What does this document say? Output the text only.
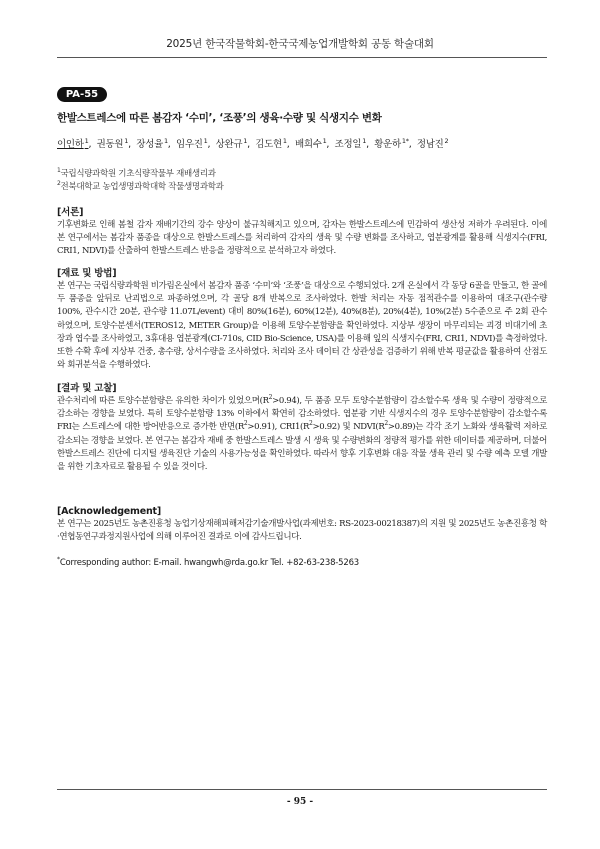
2025년 한국작물학회-한국국제농업개발학회 공동 학술대회
PA-55
한발스트레스에 따른 봄감자 ‘수미’, ‘조풍’의 생육·수량 및 식생지수 변화
이인하$^1$,  권동원$^1$,  장성율$^1$,  임우진$^1$,  상완규$^1$,  김도현$^1$,  배희수$^1$,  조정일$^1$,  황운하$^{1*}$,  정남진$^2$
$^1$국립식량과학원 기초식량작물부 재배생리과
$^2$전북대학교 농업생명과학대학 작물생명과학과
[서론]
기후변화로 인해 봄철 감자 재배기간의 강수 양상이 불규칙해지고 있으며, 감자는 한발스트레스에 민감하여 생산성 저하가 우려된다. 이에 본 연구에서는 봄감자 품종을 대상으로 한발스트레스를 처리하여 감자의 생육 및 수량 변화를 조사하고, 엽분광계를 활용해 식생지수(FRI, CRI1, NDVI)를 산출하여 한발스트레스 반응을 정량적으로 분석하고자 하였다.
[재료 및 방법]
본 연구는 국립식량과학원 비가림온실에서 봄감자 품종 ‘수미’와 ‘조풍’을 대상으로 수행되었다. 2개 온실에서 각 동당 6골을 만들고, 한 골에 두 품종을 앞뒤로 난괴법으로 파종하였으며, 각 골당 8개 반복으로 조사하였다. 한발 처리는 자동 점적관수를 이용하여 대조구(관수량 100%, 관수시간 20분, 관수량 11.07L/event) 대비 80%(16분), 60%(12분), 40%(8분), 20%(4분), 10%(2분) 5수준으로 주 2회 관수 하였으며, 토양수분센서(TEROS12, METER Group)을 이용해 토양수분함량을 확인하였다. 지상부 생장이 마무리되는 괴경 비대기에 초장과 엽수를 조사하였고, 3휴대용 엽분광계(CI-710s, CID Bio-Science, USA)를 이용해 잎의 식생지수(FRI, CRI1, NDVI)를 측정하였다. 또한 수확 후에 지상부 건중, 총수량, 상서수량을 조사하였다. 처리와 조사 데이터 간 상관성을 검증하기 위해 반복 평균값을 활용하여 산점도와 회귀분석을 수행하였다.
[결과 및 고찰]
관수처리에 따른 토양수분함량은 유의한 차이가 있었으며$(R^2>0.94)$, 두 품종 모두 토양수분함량이 감소할수록 생육 및 수량이 정량적으로 감소하는 경향을 보였다. 특히 토양수분함량 13% 이하에서 확연히 감소하였다. 엽분광 기반 식생지수의 경우 토양수분함량이 감소할수록 FRI는 스트레스에 대한 방어반응으로 증가한 반면$(R^2>0.91)$, $CRI1(R^2>0.92)$ 및 $NDVI(R^2>0.89)$는 각각 조기 노화와 생육활력 저하로 감소되는 경향을 보였다. 본 연구는 봄감자 재배 중 한발스트레스 발생 시 생육 및 수량변화의 정량적 평가를 위한 데이터를 제공하며, 더불어 한발스트레스 진단에 디지털 생육진단 기술의 사용가능성을 확인하였다. 따라서 향후 기후변화 대응 작물 생육 관리 및 수량 예측 모델 개발을 위한 기초자료로 활용될 수 있을 것이다.
[Acknowledgement]
본 연구는 2025년도 농촌진흥청 농업기상재해피해저감기술개발사업(과제번호: RS-2023-00218387)의 지원 및 2025년도 농촌진흥청 학·연협동연구과정지원사업에 의해 이루어진 결과로 이에 감사드립니다.
*Corresponding author: E-mail. hwangwh@rda.go.kr Tel. +82-63-238-5263
- 95 -
